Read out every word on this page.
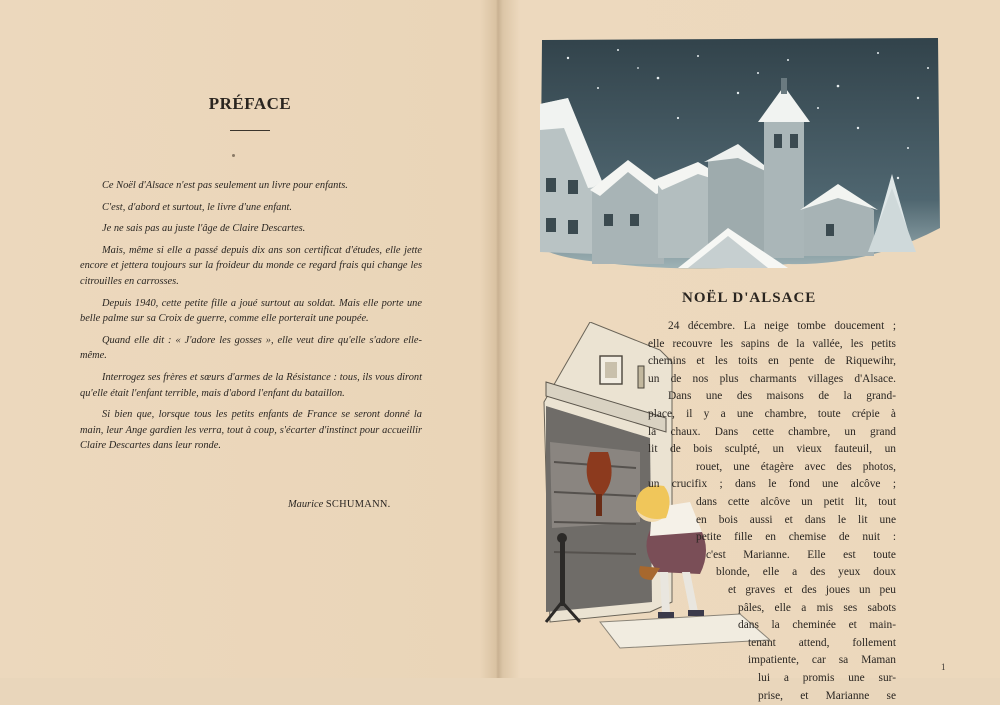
PRÉFACE

Ce Noël d'Alsace n'est pas seulement un livre pour enfants.

C'est, d'abord et surtout, le livre d'une enfant.

Je ne sais pas au juste l'âge de Claire Descartes.

Mais, même si elle a passé depuis dix ans son certificat d'études, elle jette encore et jettera toujours sur la froideur du monde ce regard frais qui change les citrouilles en carrosses.

Depuis 1940, cette petite fille a joué surtout au soldat. Mais elle porte une belle palme sur sa Croix de guerre, comme elle porterait une poupée.

Quand elle dit : « J'adore les gosses », elle veut dire qu'elle s'adore elle-même.

Interrogez ses frères et sœurs d'armes de la Résistance : tous, ils vous diront qu'elle était l'enfant terrible, mais d'abord l'enfant du bataillon.

Si bien que, lorsque tous les petits enfants de France se seront donné la main, leur Ange gardien les verra, tout à coup, s'écarter d'instinct pour accueillir Claire Descartes dans leur ronde.

Maurice SCHUMANN.
NOËL D'ALSACE
24 décembre. La neige tombe doucement ;
elle recouvre les sapins de la vallée, les petits
chemins et les toits en pente de Riquewihr,
un de nos plus charmants villages d'Alsace.
Dans une des maisons de la grand-
place, il y a une chambre, toute crépie à
la chaux. Dans cette chambre, un grand
lit de bois sculpté, un vieux fauteuil, un
rouet, une étagère avec des photos,
un crucifix ; dans le fond une alcôve ;
dans cette alcôve un petit lit, tout
en bois aussi et dans le lit une
petite fille en chemise de nuit :
c'est Marianne. Elle est toute
blonde, elle a des yeux doux
et graves et des joues un peu
pâles, elle a mis ses sabots
dans la cheminée et main-
tenant attend, follement
impatiente, car sa Maman
lui a promis une sur-
prise, et Marianne se
1
